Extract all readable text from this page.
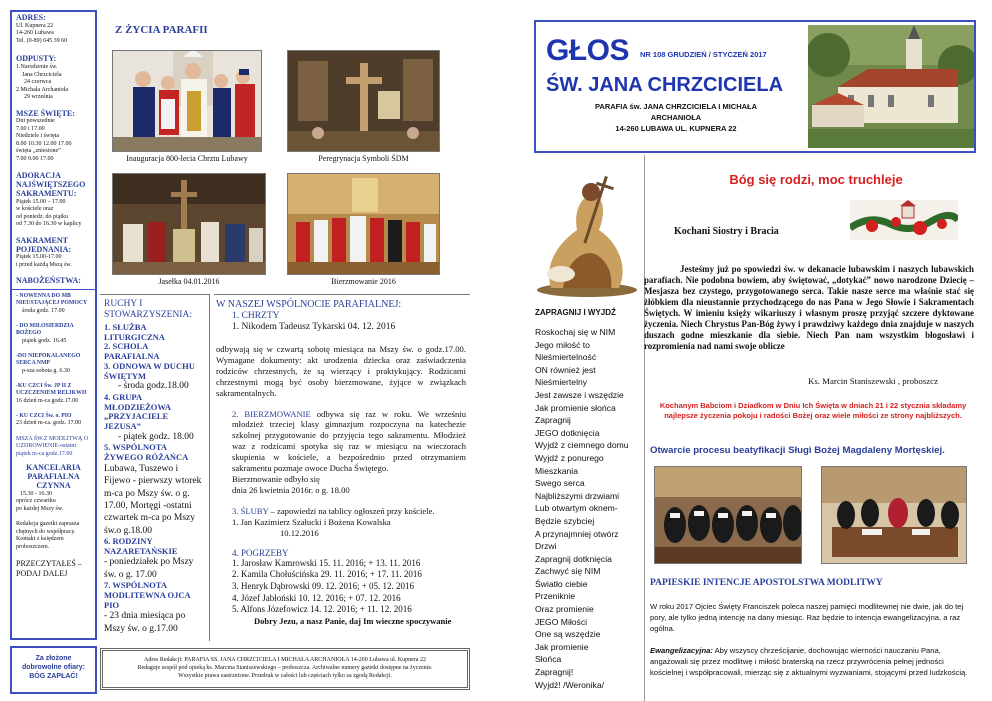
ADRES:
Ul. Kupnera 22
14-260 Lubawa
Tel. (0-89) 645 39 60
ODPUSTY:
1.Narodzenie św.
Jana Chrzciciela
24 czerwca
2.Michała Archanioła
29 września
MSZE ŚWIĘTE:
Dni powszednie
7.00 i 17.00
Niedziele i święta
8.00 10.30 12.00 17.00
święta „zniesione”
7.00 9.00 17.00
ADORACJA NAJŚWIĘTSZEGO SAKRAMENTU:
Piątek 15.00 – 17.00
w kościele oraz
od poniedz. do piątku
od 7.30 do 16.30 w kaplicy
SAKRAMENT POJEDNANIA:
Piątek 15.00-17.00
i przed każdą Mszą św.
NABOŻEŃSTWA:
- NOWENNA DO MB NIEUSTAJĄCEJ POMOCY
środa godz. 17.00
- DO MIŁOSIERDZIA BOŻEGO
piątek godz. 16.45
-DO NIEPOKALANEGO SERCA NMP
p-sza sobota g. 6.30
-KU CZCI Św. JP II Z UCZCZENIEM RELIKWII
16 dzień m-ca godz.17.00
- KU CZCI Św. o. PIO
23 dzień m-ca. godz. 17.00
MSZA ŚW.Z MODLITWĄ O UZDROWIENIE-ostatni piątek m-ca godz.17.00
KANCELARIA PARAFIALNA CZYNNA
15.30 - 16.30
oprócz czwartku
po każdej Mszy św.
Redakcja gazetki zaprasza chętnych do współpracy. Kontakt z księdzem proboszczem.
PRZECZYTAŁEŚ – PODAJ DALEJ
Za złożone dobrowolne ofiary: BÓG ZAPŁAĆ!
Z ŻYCIA PARAFII
Inauguracja 800-lecia Chrztu Lubawy	Peregrynacja Symboli ŚDM
Jasełka 04.01.2016	Bierzmowanie 2016
RUCHY I STOWARZYSZENIA:
1. SŁUŻBA LITURGICZNA
2. SCHOLA PARAFIALNA
3. ODNOWA W DUCHU ŚWIĘTYM
- środa godz.18.00
4. GRUPA MŁODZIEŻOWA „PRZYJACIELE JEZUSA”
- piątek godz. 18.00
5. WSPÓLNOTA ŻYWEGO RÓŻAŃCA
Lubawa, Tuszewo i Fijewo - pierwszy wtorek m-ca po Mszy św. o g. 17.00, Mortęgi -ostatni czwartek m-ca po Mszy św.o g.18.00
6. RODZINY NAZARETAŃSKIE
- poniedziałek po Mszy św. o g. 17.00
7. WSPÓLNOTA MODLITEWNA OJCA PIO
- 23 dnia miesiąca po Mszy św. o g.17.00
W NASZEJ WSPÓLNOCIE PARAFIALNEJ:
1. CHRZTY
1. Nikodem Tadeusz Tykarski 04. 12. 2016
odbywają się w czwartą sobotę miesiąca na Mszy św. o godz.17.00. Wymagane dokumenty: akt urodzenia dziecka oraz zaświadczenia rodziców chrzestnych, że są wierzący i praktykujący. Rodzicami chrzestnymi mogą być osoby bierzmowane, żyjące w związkach sakramentalnych.
2. BIERZMOWANIE odbywa się raz w roku. We wrześniu młodzież trzeciej klasy gimnazjum rozpoczyna na katechezie szkolnej przygotowanie do przyjęcia tego sakramentu. Młodzież waz z rodzicami spotyka się raz w miesiącu na wieczorach skupienia w kościele, a bezpośrednio przed otrzymaniem sakramentu pozmaje owoce Ducha Świętego.
Bierzmowanie odbyło się
dnia 26 kwietnia 2016r. o g. 18.00
3. ŚLUBY – zapowiedzi na tablicy ogłoszeń przy kościele.
1. Jan Kazimierz Szałucki i Bożena Kowalska
10.12.2016
4. POGRZEBY
1. Jarosław Kamrowski 15. 11. 2016; + 13. 11. 2016
2. Kamila Chołuścińska 29. 11. 2016; + 17. 11. 2016
3. Henryk Dąbrowski 09. 12. 2016; + 05. 12. 2016
4. Józef Jabłoński 10. 12. 2016; + 07. 12. 2016
5. Alfons Józefowicz 14. 12. 2016; + 11. 12. 2016
Dobry Jezu, a nasz Panie, daj Im wieczne spoczywanie
Adres Redakcji: PARAFIA SS. JANA CHRZCICIELA I MICHAŁA ARCHANIOŁA 14-260 Lubawa ul. Kupnera 22
Redaguje zespół pod opieką ks. Marcina Staniszewskiego – proboszcza. Archiwalne numery gazetki dostępne na życzenie.
Wszystkie prawa zastrzeżone. Przedruk w całości lub częściach tylko za zgodą Redakcji.
GŁOS NR 108 GRUDZIEŃ / STYCZEŃ 2017
ŚW. JANA CHRZCICIELA
PARAFIA św. JANA CHRZCICIELA I MICHAŁA
ARCHANIOŁA
14-260 LUBAWA UL. KUPNERA 22
ZAPRAGNIJ I WYJDŹ
Roskochaj się w NIM
Jego miłość to
Nieśmiertelność
ON również jest
Nieśmiertelny
Jest zawsze i wszędzie
Jak promienie słońca
Zapragnij
JEGO dotknięcia
Wyjdź z ciemnego domu
Wyjdź z ponurego
Mieszkania
Swego serca
Najbliższymi drzwiami
Lub otwartym oknem-
Będzie szybciej
A przynajmniej otwórz
Drzwi
Zapragnij dotknięcia
Zachwyć się NIM
Światło ciebie
Przeniknie
Oraz promienie
JEGO Miłości
One są wszędzie
Jak promienie
Słońca
Zapragnij!
Wyjdź! /Weronika/
Bóg się rodzi, moc truchleje
Kochani Siostry i Bracia
Jesteśmy już po spowiedzi św. w dekanacie lubawskim i naszych lubawskich parafiach. Nie podobna bowiem, aby świętować, „dotykać” nowo narodzone Dziecię – Mesjasza bez czystego, przygotowanego serca. Takie nasze serce ma właśnie stać się żłóbkiem dla nieustannie przychodzącego do nas Pana w Jego Słowie i Sakramentach Świętych. W imieniu księży wikariuszy i własnym proszę przyjąć szczere dyktowane życzenia. Niech Chrystus Pan-Bóg żywy i prawdziwy każdego dnia znajduje w naszych duszach godne mieszkanie dla siebie. Niech Pan nam wszystkim błogosławi i rozpromienia nad nami swoje oblicze
Ks. Marcin Staniszewski , proboszcz
Kochanym Babciom i Dziadkom w Dniu Ich Święta w dniach 21 i 22 stycznia składamy najlepsze życzenia pokoju i radości Bożej oraz wiele miłości ze strony najbliższych.
Otwarcie procesu beatyfikacji Sługi Bożej Magdaleny Mortęskiej.
PAPIESKIE INTENCJE APOSTOLSTWA MODLITWY
W roku 2017 Ojciec Święty Franciszek poleca naszej pamięci modlitewnej nie dwie, jak do tej pory, ale tylko jedną intencję na dany miesiąc. Raz będzie to intencja ewangelizacyjna, a raz ogólna.
Ewangelizacyjna: Aby wszyscy chrześcijanie, dochowując wierności nauczaniu Pana, angażowali się przez modlitwę i miłość braterską na rzecz przywrócenia pełnej jedności kościelnej i współpracowali, mierząc się z aktualnymi wyzwaniami, stojącymi przed ludzkością.
